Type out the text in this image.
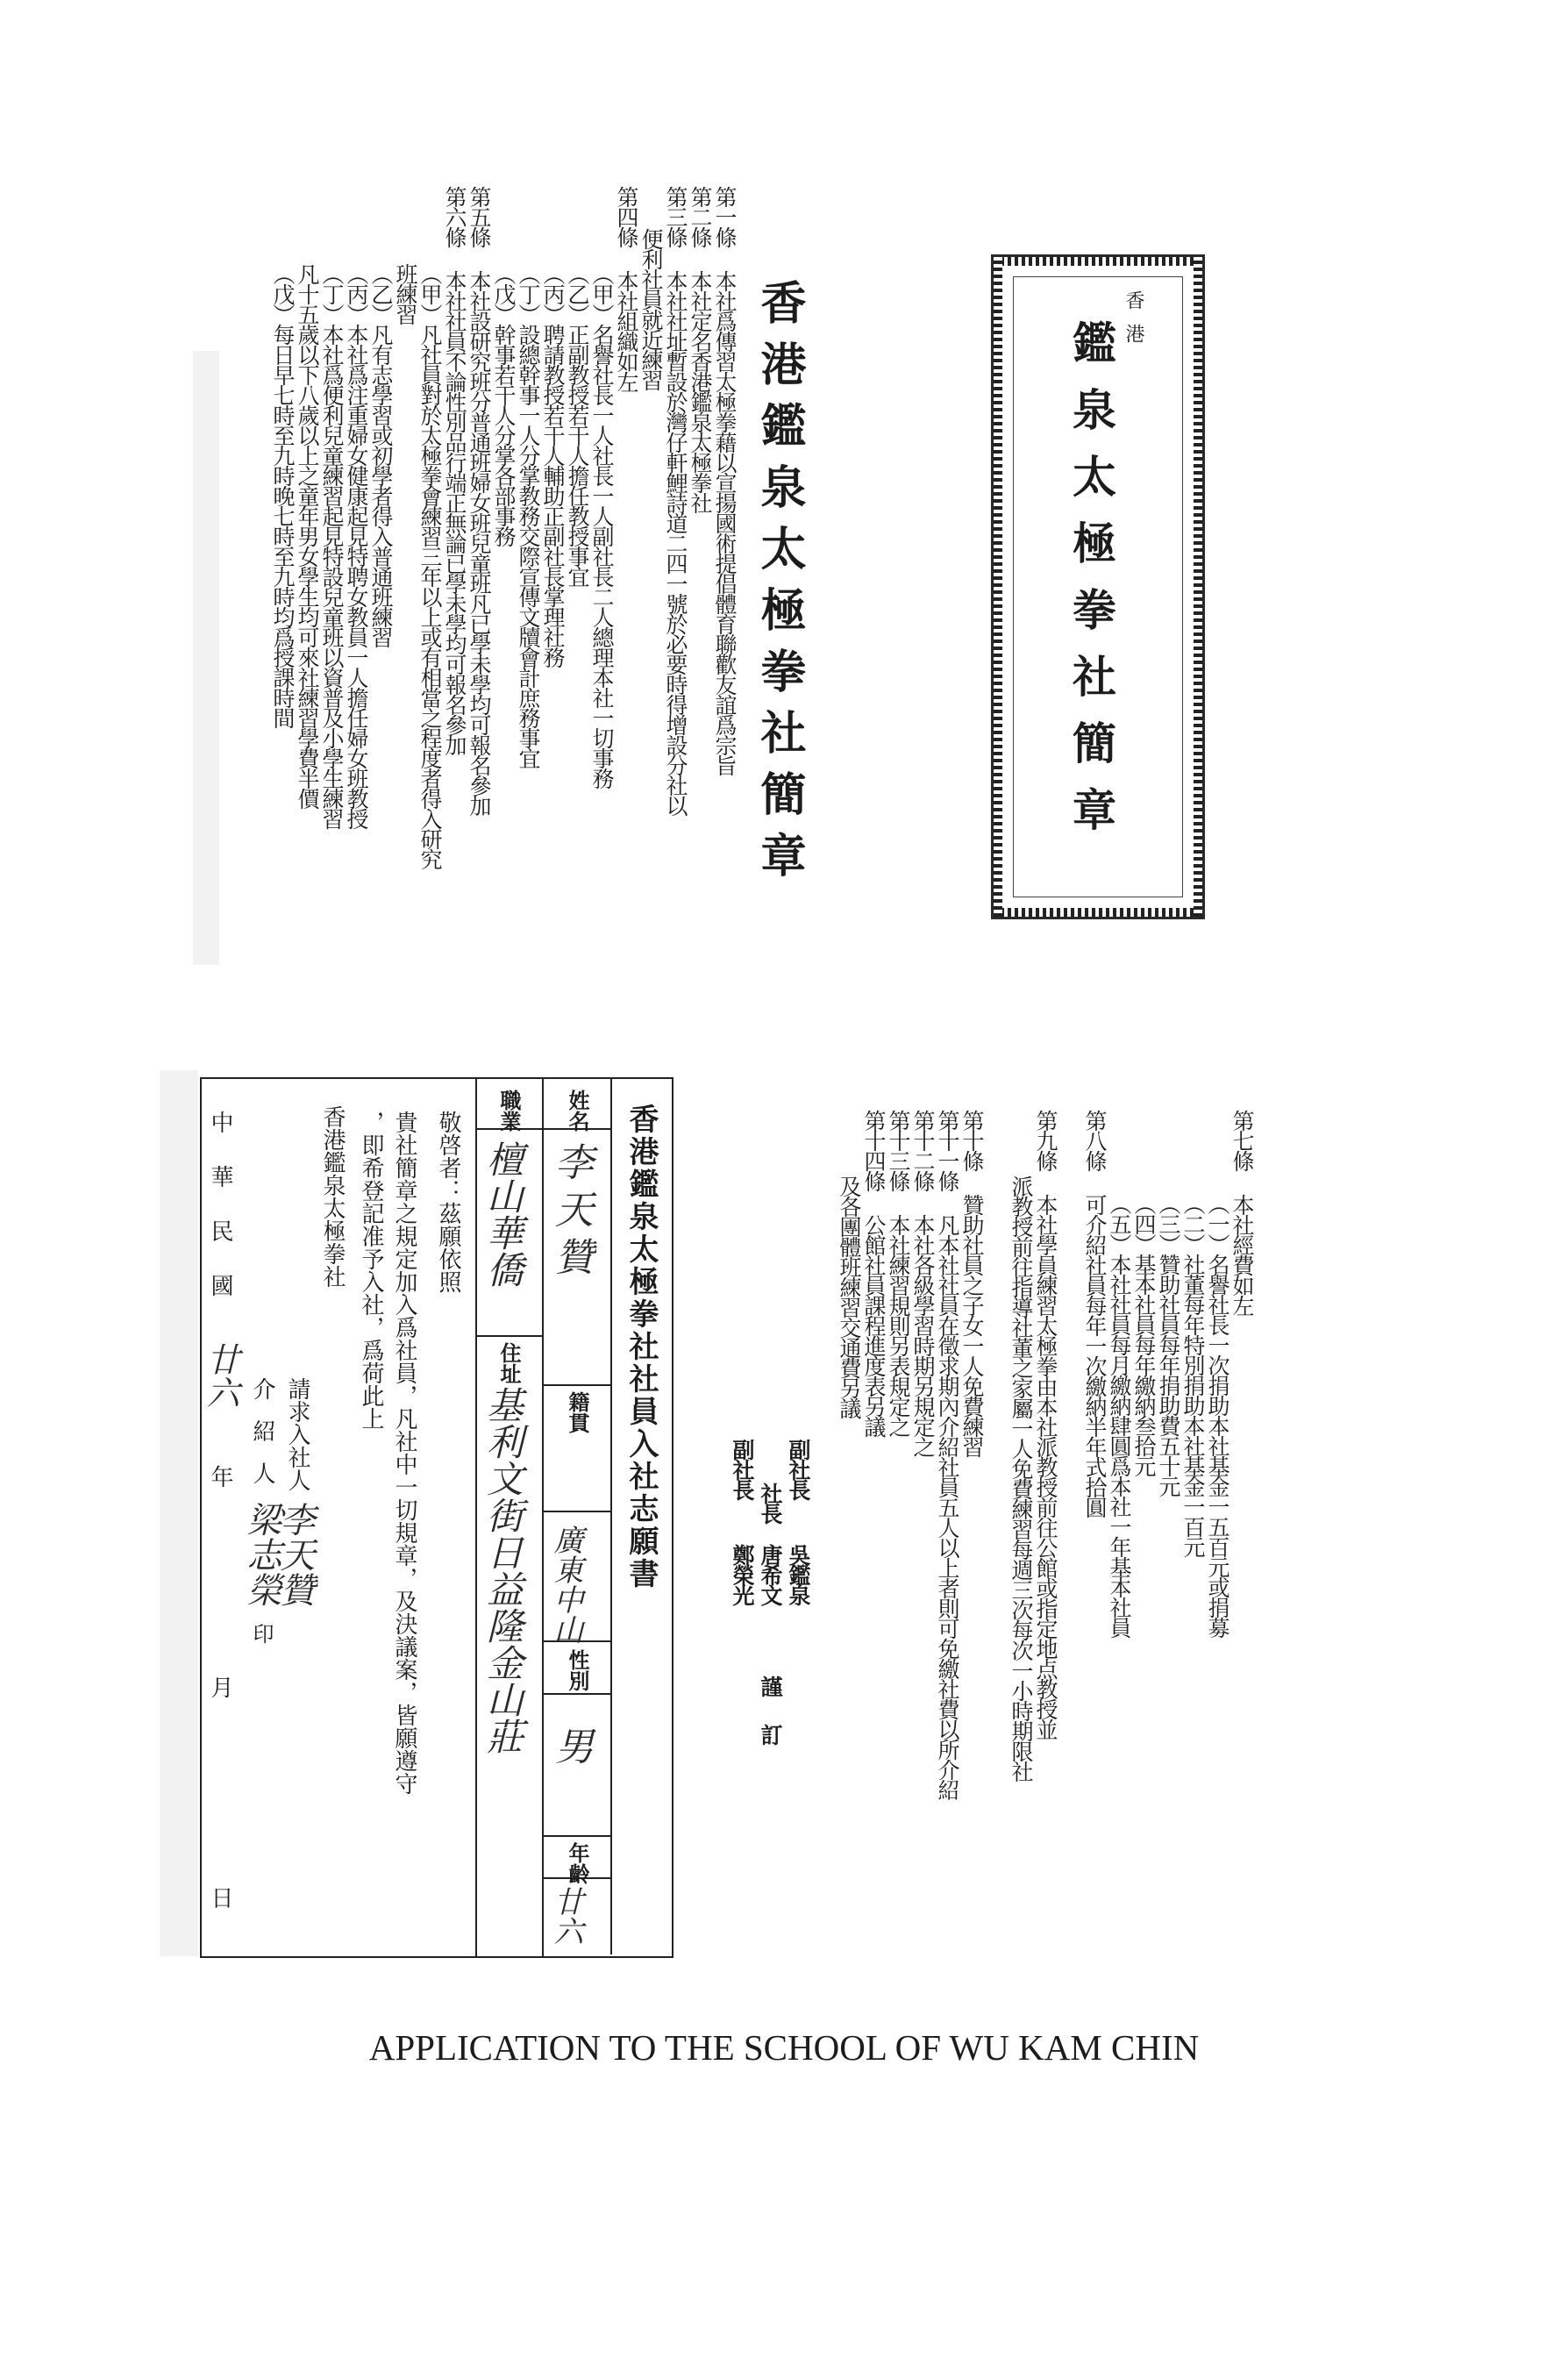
香港
鑑泉太極拳社簡章
香港鑑泉太極拳社簡章
第一條 本社爲傳習太極拳藉以宣揚國術提倡體育聯歡友誼爲宗旨
第二條 本社定名香港鑑泉太極拳社
第三條 本社社址暫設於灣仔軒鯉詩道二四一號於必要時得增設分社以
便利社員就近練習
第四條 本社組織如左
（甲）名譽社長一人社長一人副社長二人總理本社一切事務
（乙）正副教授若干人擔任教授事宜
（丙）聘請教授若干人輔助正副社長掌理社務
（丁）設總幹事一人分掌教務交際宣傳文牘會計庶務事宜
（戊）幹事若干人分掌各部事務
第五條 本社設研究班分普通班婦女班兒童班凡已學未學均可報名參加
第六條 本社社員不論性別品行端正無論已學未學均可報名參加
（甲）凡社員對於太極拳會練習三年以上或有相當之程度者得入研究
班練習
（乙）凡有志學習或初學者得入普通班練習
（丙）本社爲注重婦女健康起見特聘女教員一人擔任婦女班教授
（丁）本社爲便利兒童練習起見特設兒童班以資普及小學生練習
凡十五歲以下八歲以上之童年男女學生均可來社練習學費半價
（戊）每日早七時至九時晚七時至九時均爲授課時間
第七條 本社經費如左
（一）名譽社長一次捐助本社基金一五百元或捐募
（二）社董每年特別捐助本社基金一百元
（三）贊助社員每年捐助費五十元
（四）基本社員每年繳納叁拾元
（五）本社社員每月繳納肆圓爲本社一年基本社員
第八條 可介紹社員每年一次繳納半年式拾圓
第九條 本社學員練習太極拳由本社派教授前往公館或指定地点教授並
派教授前往指導社董之家屬一人免費練習每週三次每次一小時期限社
第十條 贊助社員之子女一人免費練習
第十一條 凡本社社員在徵求期內介紹社員五人以上者則可免繳社費以所介紹
第十二條 本社各級學習時期另規定之
第十三條 本社練習規則另表規定之
第十四條 公館社員課程進度表另議
及各團體班練習交通費另議
副社長
社長
副社長
吳鑑泉
唐希文
鄭榮光
謹訂
香港鑑泉太極拳社社員入社志願書
姓名
籍貫
性別
年齡
職業
住址
李天贊
廣東中山
男
廿六
檀山華僑
基利文街日益隆金山莊
敬啓者：茲願依照
貴社簡章之規定加入爲社員，凡社中一切規章，及決議案，皆願遵守
，即希登記准予入社，爲荷此上
香港鑑泉太極拳社
請求入社人
李天贊
介紹人
梁志榮
印
中華民國
廿六
年
月
日
APPLICATION TO THE SCHOOL OF WU KAM CHIN
